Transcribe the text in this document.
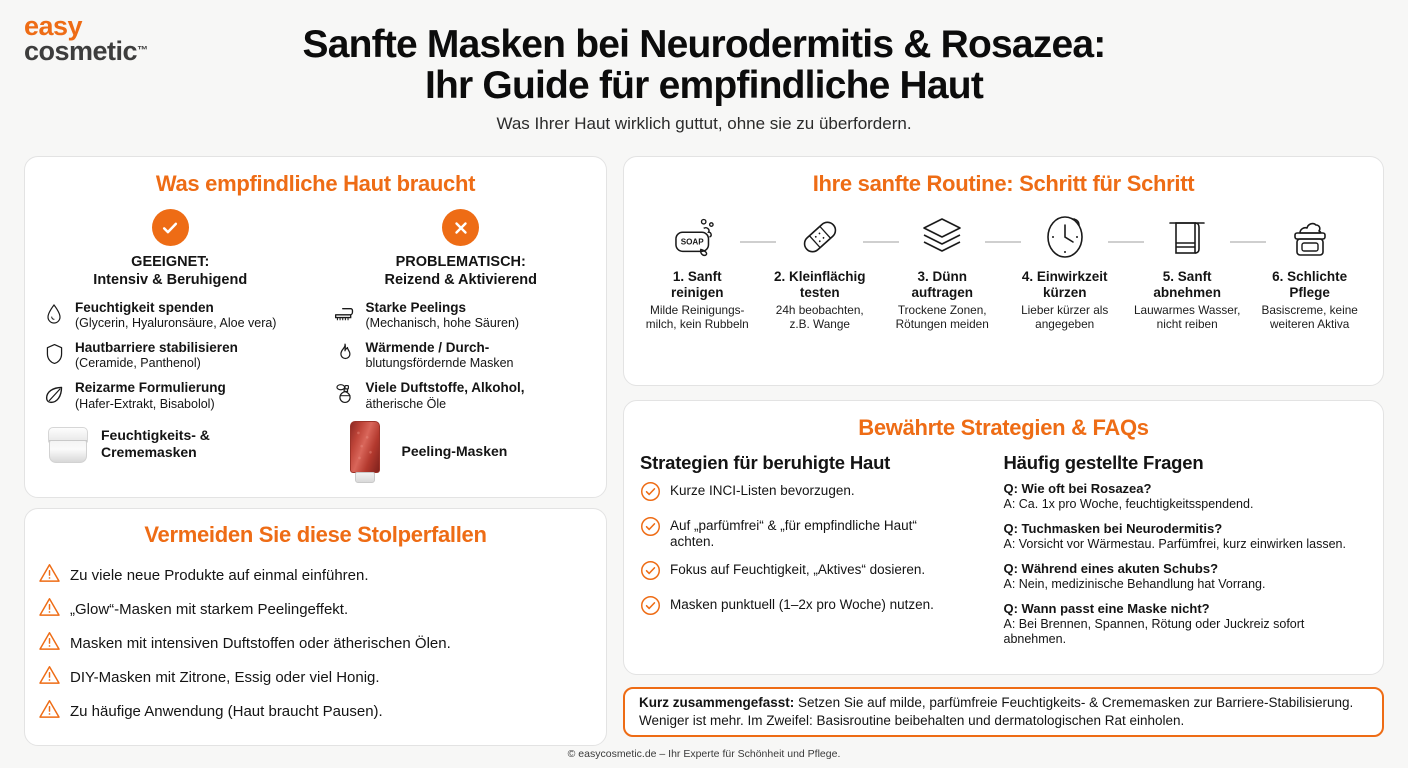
easy
cosmetic™	Sanfte Masken bei Neurodermitis & Rosazea:
Ihr Guide für empfindliche Haut
Was Ihrer Haut wirklich guttut, ohne sie zu überfordern.
Was empfindliche Haut braucht
GEEIGNET:
Intensiv & Beruhigend
Feuchtigkeit spenden
(Glycerin, Hyaluronsäure, Aloe vera)
Hautbarriere stabilisieren
(Ceramide, Panthenol)
Reizarme Formulierung
(Hafer-Extrakt, Bisabolol)
Feuchtigkeits- &
Crememasken
PROBLEMATISCH:
Reizend & Aktivierend
Starke Peelings
(Mechanisch, hohe Säuren)
Wärmende / Durch-
blutungsfördernde Masken
Viele Duftstoffe, Alkohol,
ätherische Öle
Peeling-Masken
Vermeiden Sie diese Stolperfallen
Zu viele neue Produkte auf einmal einführen.
„Glow“-Masken mit starkem Peelingeffekt.
Masken mit intensiven Duftstoffen oder ätherischen Ölen.
DIY-Masken mit Zitrone, Essig oder viel Honig.
Zu häufige Anwendung (Haut braucht Pausen).
Ihre sanfte Routine: Schritt für Schritt
SOAP
1. Sanft
reinigen
Milde Reinigungs-
milch, kein Rubbeln
2. Kleinflächig
testen
24h beobachten,
z.B. Wange
3. Dünn
auftragen
Trockene Zonen,
Rötungen meiden
4. Einwirkzeit
kürzen
Lieber kürzer als
angegeben
5. Sanft
abnehmen
Lauwarmes Wasser,
nicht reiben
6. Schlichte
Pflege
Basiscreme, keine
weiteren Aktiva
Bewährte Strategien & FAQs
Strategien für beruhigte Haut
Kurze INCI-Listen bevorzugen.
Auf „parfümfrei“ & „für empfindliche Haut“ achten.
Fokus auf Feuchtigkeit, „Aktives“ dosieren.
Masken punktuell (1–2x pro Woche) nutzen.
Häufig gestellte Fragen
Q: Wie oft bei Rosazea?
A: Ca. 1x pro Woche, feuchtigkeitsspendend.
Q: Tuchmasken bei Neurodermitis?
A: Vorsicht vor Wärmestau. Parfümfrei, kurz einwirken lassen.
Q: Während eines akuten Schubs?
A: Nein, medizinische Behandlung hat Vorrang.
Q: Wann passt eine Maske nicht?
A: Bei Brennen, Spannen, Rötung oder Juckreiz sofort abnehmen.
Kurz zusammengefasst: Setzen Sie auf milde, parfümfreie Feuchtigkeits- & Crememasken zur Barriere-Stabilisierung. Weniger ist mehr. Im Zweifel: Basisroutine beibehalten und dermatologischen Rat einholen.
© easycosmetic.de – Ihr Experte für Schönheit und Pflege.
